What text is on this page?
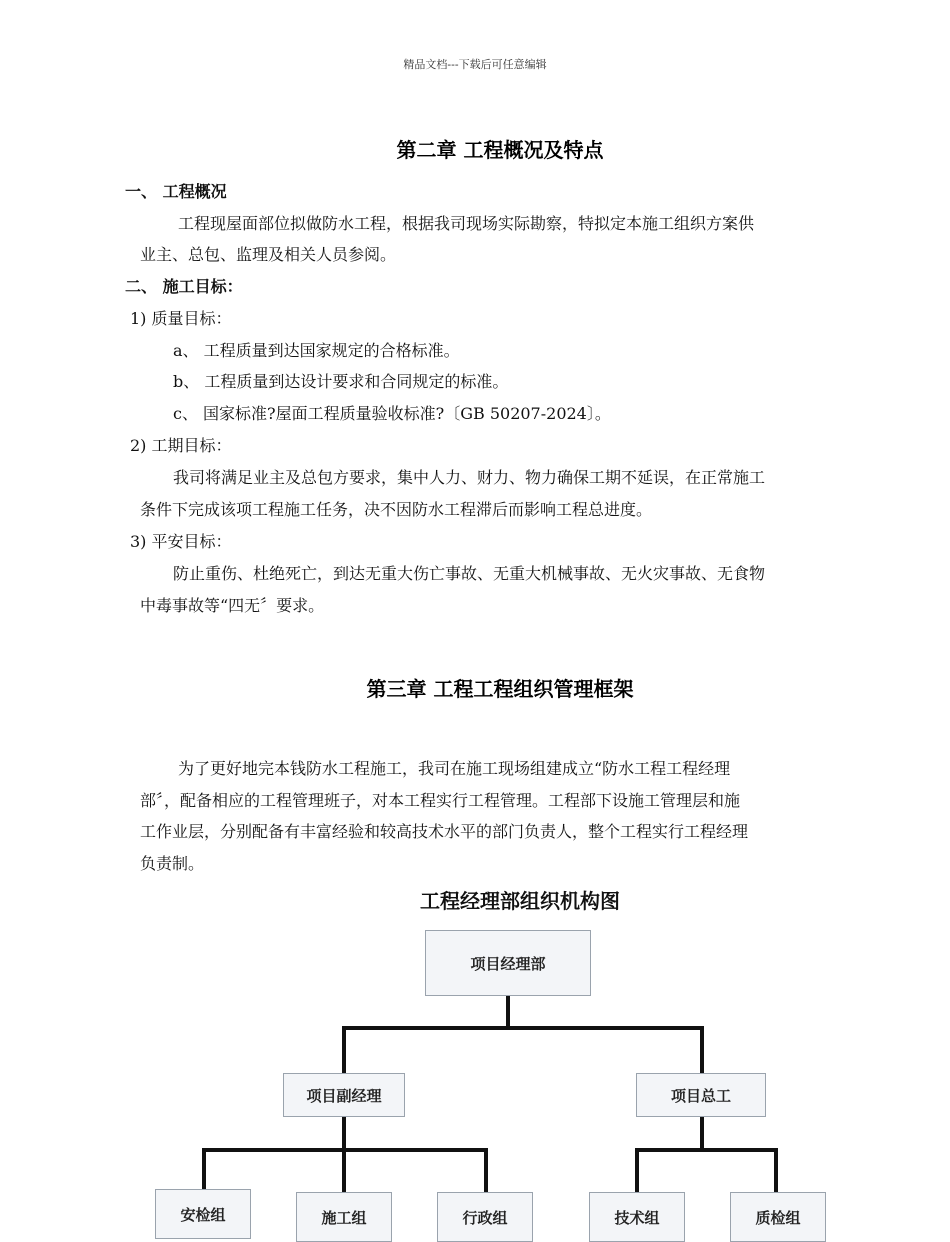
精品文档---下载后可任意编辑
第二章 工程概况及特点
一、 工程概况
工程现屋面部位拟做防水工程，根据我司现场实际勘察，特拟定本施工组织方案供
业主、总包、监理及相关人员参阅。
二、 施工目标：
1) 质量目标：
a、 工程质量到达国家规定的合格标准。
b、 工程质量到达设计要求和合同规定的标准。
c、 国家标准?屋面工程质量验收标准?〔GB 50207-2024〕。
2) 工期目标：
我司将满足业主及总包方要求，集中人力、财力、物力确保工期不延误，在正常施工
条件下完成该项工程施工任务，决不因防水工程滞后而影响工程总进度。
3) 平安目标：
防止重伤、杜绝死亡，到达无重大伤亡事故、无重大机械事故、无火灾事故、无食物
中毒事故等“四无〞要求。
第三章 工程工程组织管理框架
为了更好地完本钱防水工程施工，我司在施工现场组建成立“防水工程工程经理
部〞，配备相应的工程管理班子，对本工程实行工程管理。工程部下设施工管理层和施
工作业层，分别配备有丰富经验和较高技术水平的部门负责人，整个工程实行工程经理
负责制。
工程经理部组织机构图
项目经理部
项目副经理	项目总工
安检组	施工组	行政组	技术组	质检组
